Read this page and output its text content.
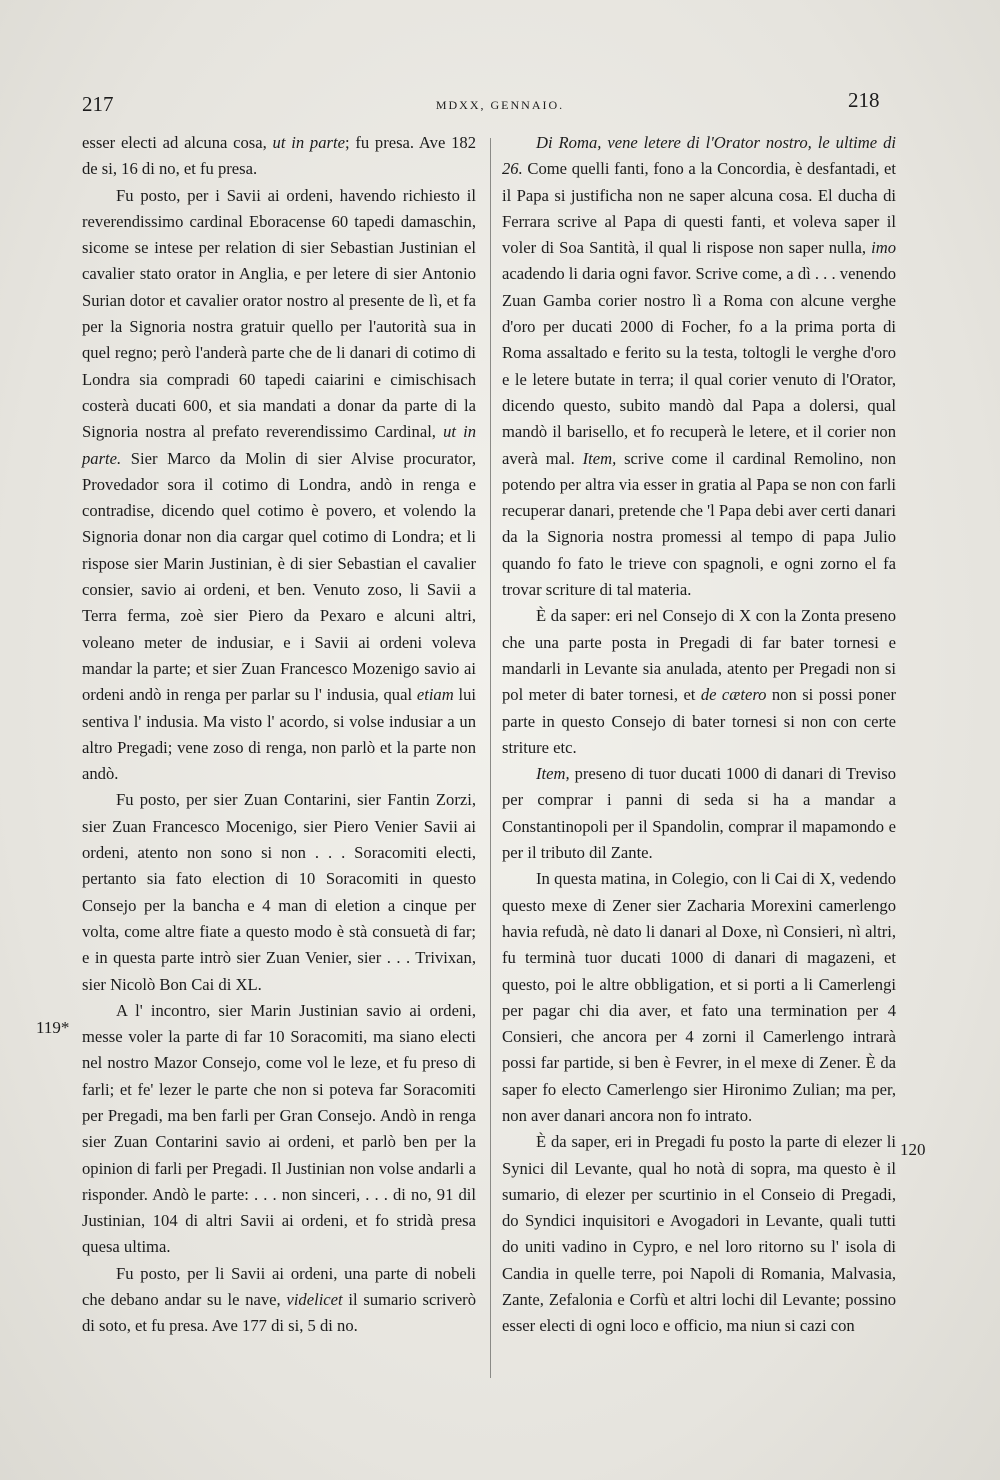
217	MDXX, GENNAIO.	218
119*
120

esser electi ad alcuna cosa, ut in parte; fu presa. Ave 182 de si, 16 di no, et fu presa.

Fu posto, per i Savii ai ordeni, havendo richiesto il reverendissimo cardinal Eboracense 60 tapedi damaschin, sicome se intese per relation di sier Sebastian Justinian el cavalier stato orator in Anglia, e per letere di sier Antonio Surian dotor et cavalier orator nostro al presente de lì, et fa per la Signoria nostra gratuir quello per l'autorità sua in quel regno; però l'anderà parte che de li danari di cotimo di Londra sia compradi 60 tapedi caiarini e cimischisach costerà ducati 600, et sia mandati a donar da parte di la Signoria nostra al prefato reverendissimo Cardinal, ut in parte. Sier Marco da Molin di sier Alvise procurator, Provedador sora il cotimo di Londra, andò in renga e contradise, dicendo quel cotimo è povero, et volendo la Signoria donar non dia cargar quel cotimo di Londra; et li rispose sier Marin Justinian, è di sier Sebastian el cavalier consier, savio ai ordeni, et ben. Venuto zoso, li Savii a Terra ferma, zoè sier Piero da Pexaro e alcuni altri, voleano meter de indusiar, e i Savii ai ordeni voleva mandar la parte; et sier Zuan Francesco Mozenigo savio ai ordeni andò in renga per parlar su l' indusia, qual etiam lui sentiva l' indusia. Ma visto l' acordo, si volse indusiar a un altro Pregadi; vene zoso di renga, non parlò et la parte non andò.

Fu posto, per sier Zuan Contarini, sier Fantin Zorzi, sier Zuan Francesco Mocenigo, sier Piero Venier Savii ai ordeni, atento non sono si non . . . Soracomiti electi, pertanto sia fato election di 10 Soracomiti in questo Consejo per la bancha e 4 man di eletion a cinque per volta, come altre fiate a questo modo è stà consuetà di far; e in questa parte intrò sier Zuan Venier, sier . . . Trivixan, sier Nicolò Bon Cai di XL.

A l' incontro, sier Marin Justinian savio ai ordeni, messe voler la parte di far 10 Soracomiti, ma siano electi nel nostro Mazor Consejo, come vol le leze, et fu preso di farli; et fe' lezer le parte che non si poteva far Soracomiti per Pregadi, ma ben farli per Gran Consejo. Andò in renga sier Zuan Contarini savio ai ordeni, et parlò ben per la opinion di farli per Pregadi. Il Justinian non volse andarli a risponder. Andò le parte: . . . non sinceri, . . . di no, 91 dil Justinian, 104 di altri Savii ai ordeni, et fo stridà presa quesa ultima.

Fu posto, per li Savii ai ordeni, una parte di nobeli che debano andar su le nave, videlicet il sumario scriverò di soto, et fu presa. Ave 177 di si, 5 di no.

Di Roma, vene letere di l'Orator nostro, le ultime di 26. Come quelli fanti, fono a la Concordia, è desfantadi, et il Papa si justificha non ne saper alcuna cosa. El ducha di Ferrara scrive al Papa di questi fanti, et voleva saper il voler di Soa Santità, il qual li rispose non saper nulla, imo acadendo li daria ogni favor. Scrive come, a dì . . . venendo Zuan Gamba corier nostro lì a Roma con alcune verghe d'oro per ducati 2000 di Focher, fo a la prima porta di Roma assaltado e ferito su la testa, toltogli le verghe d'oro e le letere butate in terra; il qual corier venuto di l'Orator, dicendo questo, subito mandò dal Papa a dolersi, qual mandò il barisello, et fo recuperà le letere, et il corier non averà mal. Item, scrive come il cardinal Remolino, non potendo per altra via esser in gratia al Papa se non con farli recuperar danari, pretende che 'l Papa debi aver certi danari da la Signoria nostra promessi al tempo di papa Julio quando fo fato le trieve con spagnoli, e ogni zorno el fa trovar scriture di tal materia.

È da saper: eri nel Consejo di X con la Zonta preseno che una parte posta in Pregadi di far bater tornesi e mandarli in Levante sia anulada, atento per Pregadi non si pol meter di bater tornesi, et de cætero non si possi poner parte in questo Consejo di bater tornesi si non con certe striture etc.

Item, preseno di tuor ducati 1000 di danari di Treviso per comprar i panni di seda si ha a mandar a Constantinopoli per il Spandolin, comprar il mapamondo e per il tributo dil Zante.

In questa matina, in Colegio, con li Cai di X, vedendo questo mexe di Zener sier Zacharia Morexini camerlengo havia refudà, nè dato li danari al Doxe, nì Consieri, nì altri, fu terminà tuor ducati 1000 di danari di magazeni, et questo, poi le altre obbligation, et si porti a li Camerlengi per pagar chi dia aver, et fato una termination per 4 Consieri, che ancora per 4 zorni il Camerlengo intrarà possi far partide, si ben è Fevrer, in el mexe di Zener. È da saper fo electo Camerlengo sier Hironimo Zulian; ma per, non aver danari ancora non fo intrato.

È da saper, eri in Pregadi fu posto la parte di elezer li Synici dil Levante, qual ho notà di sopra, ma questo è il sumario, di elezer per scurtinio in el Conseio di Pregadi, do Syndici inquisitori e Avogadori in Levante, quali tutti do uniti vadino in Cypro, e nel loro ritorno su l' isola di Candia in quelle terre, poi Napoli di Romania, Malvasia, Zante, Zefalonia e Corfù et altri lochi dil Levante; possino esser electi di ogni loco e officio, ma niun si cazi con
